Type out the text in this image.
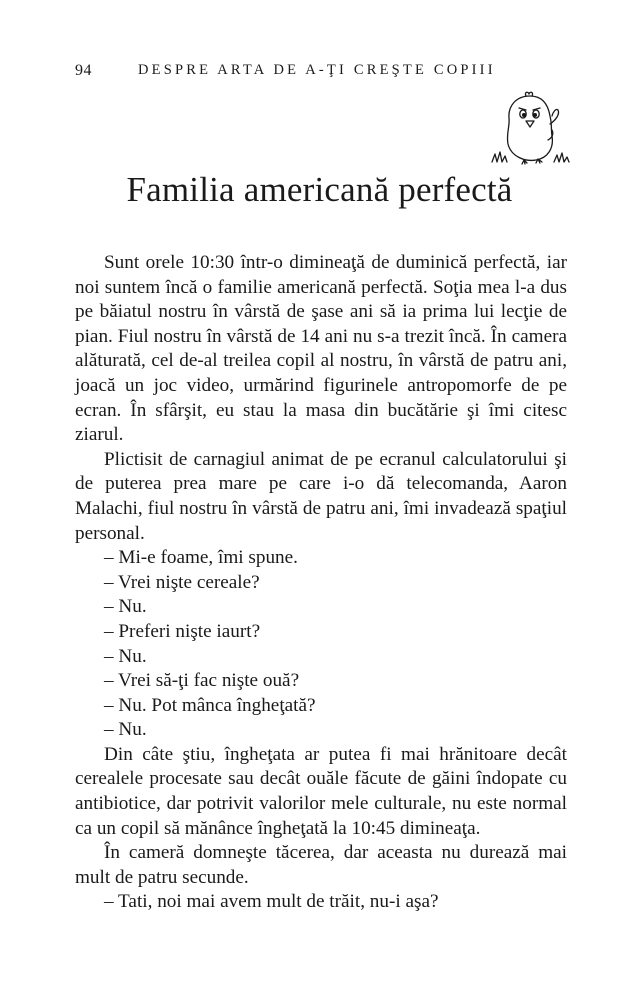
94	DESPRE ARTA DE A-ŢI CREŞTE COPIII
Familia americană perfectă

Sunt orele 10:30 într-o dimineaţă de duminică perfectă, iar noi suntem încă o familie americană perfectă. Soţia mea l-a dus pe băiatul nostru în vârstă de şase ani să ia prima lui lecţie de pian. Fiul nostru în vârstă de 14 ani nu s-a trezit încă. În camera alăturată, cel de-al treilea copil al nostru, în vârstă de patru ani, joacă un joc video, urmărind figurinele antropomorfe de pe ecran. În sfârşit, eu stau la masa din bucătărie şi îmi citesc ziarul.

Plictisit de carnagiul animat de pe ecranul calculatorului şi de puterea prea mare pe care i-o dă telecomanda, Aaron Malachi, fiul nostru în vârstă de patru ani, îmi invadează spaţiul personal.

– Mi-e foame, îmi spune.

– Vrei nişte cereale?

– Nu.

– Preferi nişte iaurt?

– Nu.

– Vrei să-ţi fac nişte ouă?

– Nu. Pot mânca îngheţată?

– Nu.

Din câte ştiu, îngheţata ar putea fi mai hrănitoare decât cerealele procesate sau decât ouăle făcute de găini îndopate cu antibiotice, dar potrivit valorilor mele culturale, nu este normal ca un copil să mănânce îngheţată la 10:45 dimineaţa.

În cameră domneşte tăcerea, dar aceasta nu durează mai mult de patru secunde.

– Tati, noi mai avem mult de trăit, nu-i aşa?
